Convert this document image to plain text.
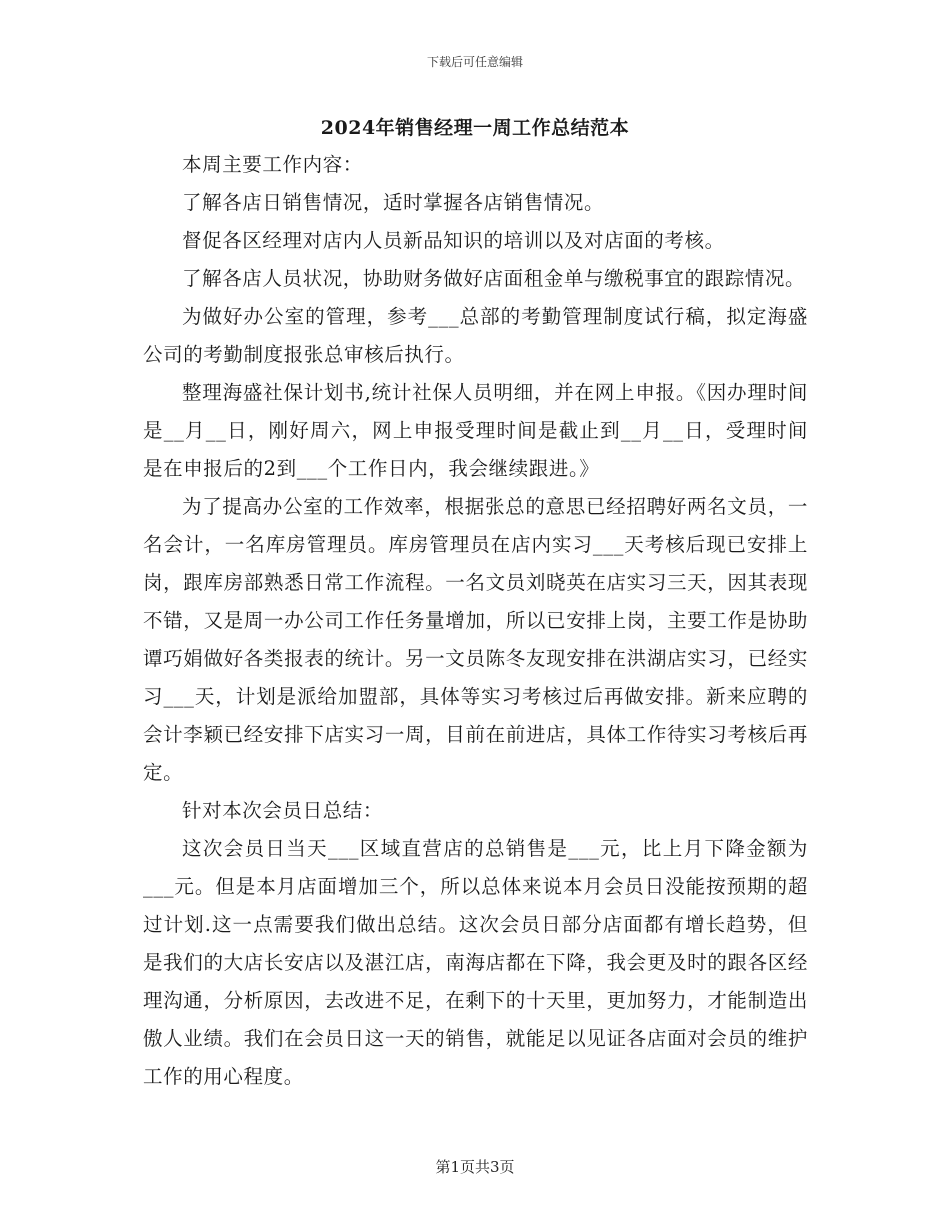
下载后可任意编辑
2024年销售经理一周工作总结范本

本周主要工作内容：

了解各店日销售情况，适时掌握各店销售情况。

督促各区经理对店内人员新品知识的培训以及对店面的考核。

了解各店人员状况，协助财务做好店面租金单与缴税事宜的跟踪情况。

为做好办公室的管理，参考___总部的考勤管理制度试行稿，拟定海盛公司的考勤制度报张总审核后执行。

整理海盛社保计划书,统计社保人员明细，并在网上申报。《因办理时间是__月__日，刚好周六，网上申报受理时间是截止到__月__日，受理时间是在申报后的2到___个工作日内，我会继续跟进。》

为了提高办公室的工作效率，根据张总的意思已经招聘好两名文员，一名会计，一名库房管理员。库房管理员在店内实习___天考核后现已安排上岗，跟库房部熟悉日常工作流程。一名文员刘晓英在店实习三天，因其表现不错，又是周一办公司工作任务量增加，所以已安排上岗，主要工作是协助谭巧娟做好各类报表的统计。另一文员陈冬友现安排在洪湖店实习，已经实习___天，计划是派给加盟部，具体等实习考核过后再做安排。新来应聘的会计李颖已经安排下店实习一周，目前在前进店，具体工作待实习考核后再定。

针对本次会员日总结：

这次会员日当天___区域直营店的总销售是___元，比上月下降金额为___元。但是本月店面增加三个，所以总体来说本月会员日没能按预期的超过计划.这一点需要我们做出总结。这次会员日部分店面都有增长趋势，但是我们的大店长安店以及湛江店，南海店都在下降，我会更及时的跟各区经理沟通，分析原因，去改进不足，在剩下的十天里，更加努力，才能制造出傲人业绩。我们在会员日这一天的销售，就能足以见证各店面对会员的维护工作的用心程度。

第1页共3页
